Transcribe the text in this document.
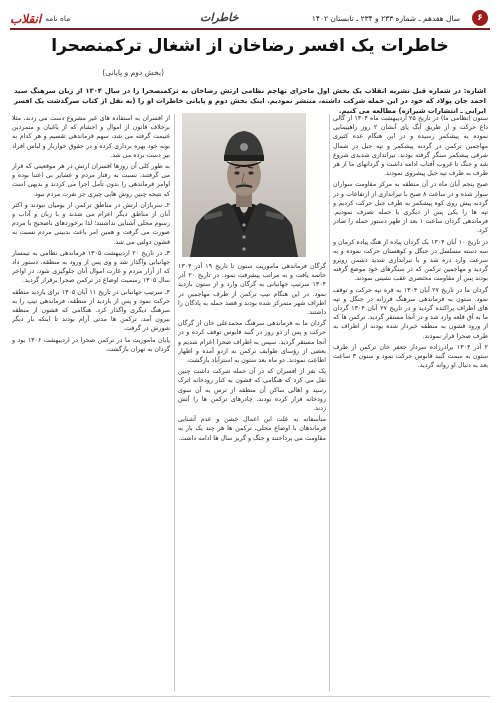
۶
سال هفدهم ـ شماره ۲۳۳ و ۲۳۴ ـ تابستان ۱۴۰۲
خاطرات
ماه نامه
انقلاب
خاطرات یک افسر رضاخان از اشغال ترکمنصحرا
(بخش دوم و پایانی)
اشاره: در شماره قبل نشریه انقلاب یک بخش اول ماجرای تهاجم نظامی ارتش رضاخان به ترکمنصحرا را در سال ۱۳۰۴ از زبان سرهنگ سید احمد جان پولاد که خود در این حمله شرکت داشته، منتشر نمودیم. اینک بخش دوم و پایانی خاطرات او را (به نقل از کتاب سرگذشت یک افسر ایرانی ـ انتشارات شیرازه) مطالعه می کنیم.

ستون (نظامی ما) در تاریخ ۲۵ اردیبهشت ماه ۱۳۰۴ از گالی داغ حرکت و از طریق آبگ پای آبشان ۲ روز راهپیمایی نموده به پیشکمر رسیده و در این هنگام عده کثیری مهاجمین ترکمن در گردنه پیشکمر و تپه جبل در شمال شرقی پیشکمر سنگر گرفته بودند. تیراندازی شدیدی شروع شد و جنگ تا غروب آفتاب ادامه داشت و گردانهای ما از هر طرف به طرف تپه جبل پیشروی نمودند.

صبح پنجم آبان ماه در آن منطقه به مرکز مقاومت سواران سوار شده و در ساعت ۸ صبح با تیراندازی از ارتفاعات و در گردنه پیش روی کوه پیشکمر به طرف جبل حرکت کردیم و تپه ها را یکی پس از دیگری با حمله تصرف نمودیم. فرماندهی گردان ساعت ۱ بعد از ظهر دستور حمله را صادر کرد.

در تاریخ ۱۰ آبان ۱۳۰۴ یک گردان پیاده از هنگ پیاده کرمان و سه دسته مسلسل در جنگل و کوهستان حرکت نموده و به سرعت وارد دره شد و با تیراندازی شدید دشمن روبرو گردید و مهاجمین ترکمن که در سنگرهای خود موضع گرفته بودند پس از مقاومت مختصری عقب نشینی نمودند.

گردان ما در تاریخ ۲۷ آبان ۱۳۰۴ به قره تپه حرکت و توقف نمود. ستون به فرماندهی سرهنگ فرزانه در جنگل و تپه های اطراف پراکنده گردید و در تاریخ ۲۷ آبان ۱۳۰۴ گردان ما به آق قلعه وارد شد و در آنجا مستقر گردید. ترکمن ها که از ورود قشون به منطقه خبردار شده بودند از اطراف به طرف صحرا فرار نمودند.

۲ آذر ۱۳۰۴ برادرزاده سردار جعفر خان ترکمن از طرف ستون به سمت گنبد قابوس حرکت نمود و ستون ۳ ساعت بعد به دنبال او روانه گردید.

گرگان فرماندهی ماموریت ستون تا تاریخ ۱۹ آذر ۱۳۰۴ خاتمه یافت و به مراتب پیشرفت نمود. در تاریخ ۲۰ آذر ۱۳۰۴ سرتیپ جهانبانی به گرگان وارد و از ستون بازدید نمود. در این هنگام تیپ ترکمن از طرف مهاجمین در اطراف شهر متمرکز شده بودند و قصد حمله به پادگان را داشتند.

گردان ما به فرماندهی سرهنگ محمدعلی خان از گرگان حرکت و پس از دو روز در گنبد قابوس توقف کرده و در آنجا مستقر گردید. سپس به اطراف صحرا اعزام شدیم و بعضی از رؤسای طوایف ترکمن به اردو آمده و اظهار اطاعت نمودند. دو ماه بعد ستون به استرآباد بازگشت.

یک نفر از افسران که در آن حمله شرکت داشت چنین نقل می کرد که هنگامی که قشون به کنار رودخانه اترک رسید و اهالی ساکن آن منطقه از ترس به آن سوی رودخانه فرار کرده بودند، چادرهای ترکمن ها را آتش زدند.

متأسفانه به علت این اعمال خشن و عدم آشنایی فرماندهان با اوضاع محلی، ترکمن ها هر چند یک بار به مقاومت می پرداختند و جنگ و گریز سال ها ادامه داشت.

از افسران به استفاده های غیر مشروع دست می زدند، مثلا برخلاف قانون از اموال و احشام که از یاغیان و متمردین غنیمت گرفته می شد، سهم فرماندهی تقسیم و هر کدام به نوبه خود بهره برداری کرده و در حقوق خواربار و لباس افراد نیز دست برده می شد.

به طور کلی آن روزها افسران ارتش در هر موقعیتی که قرار می گرفتند، نسبت به رفتار مردم و عشایر بی اعتنا بوده و اوامر فرماندهی را بدون تأمل اجرا می کردند و بدیهی است که نتیجه چنین روش هایی چیزی جز نفرت مردم نبود.

۲ـ سربازان ارتش در مناطق ترکمن از بومیان نبودند و اکثر آنان از مناطق دیگر اعزام می شدند و با زبان و آداب و رسوم محلی آشنایی نداشتند؛ لذا برخوردهای ناصحیح با مردم صورت می گرفت و همین امر باعث بدبینی مردم نسبت به قشون دولتی می شد.

۳ـ در تاریخ ۲۰ اردیبهشت ۱۳۰۵ فرماندهی نظامی به تیمسار جهانبانی واگذار شد و وی پس از ورود به منطقه، دستور داد که از آزار مردم و غارت اموال آنان جلوگیری شود. در اواخر سال ۱۳۰۵ رسمیت اوضاع در ترکمن صحرا برقرار گردید.

۴ـ سرتیپ جهانبانی در تاریخ ۱۱ آبان ۱۳۰۵ برای بازدید منطقه حرکت نمود و پس از بازدید از منطقه، فرماندهی تیپ را به سرهنگ دیگری واگذار کرد. هنگامی که قشون از منطقه بیرون آمد، ترکمن ها مدتی آرام بودند تا اینکه بار دیگر شورش در گرفت.

پایان ماموریت ما در ترکمن صحرا در اردیبهشت ۱۳۰۶ بود و گردان به تهران بازگشت.
